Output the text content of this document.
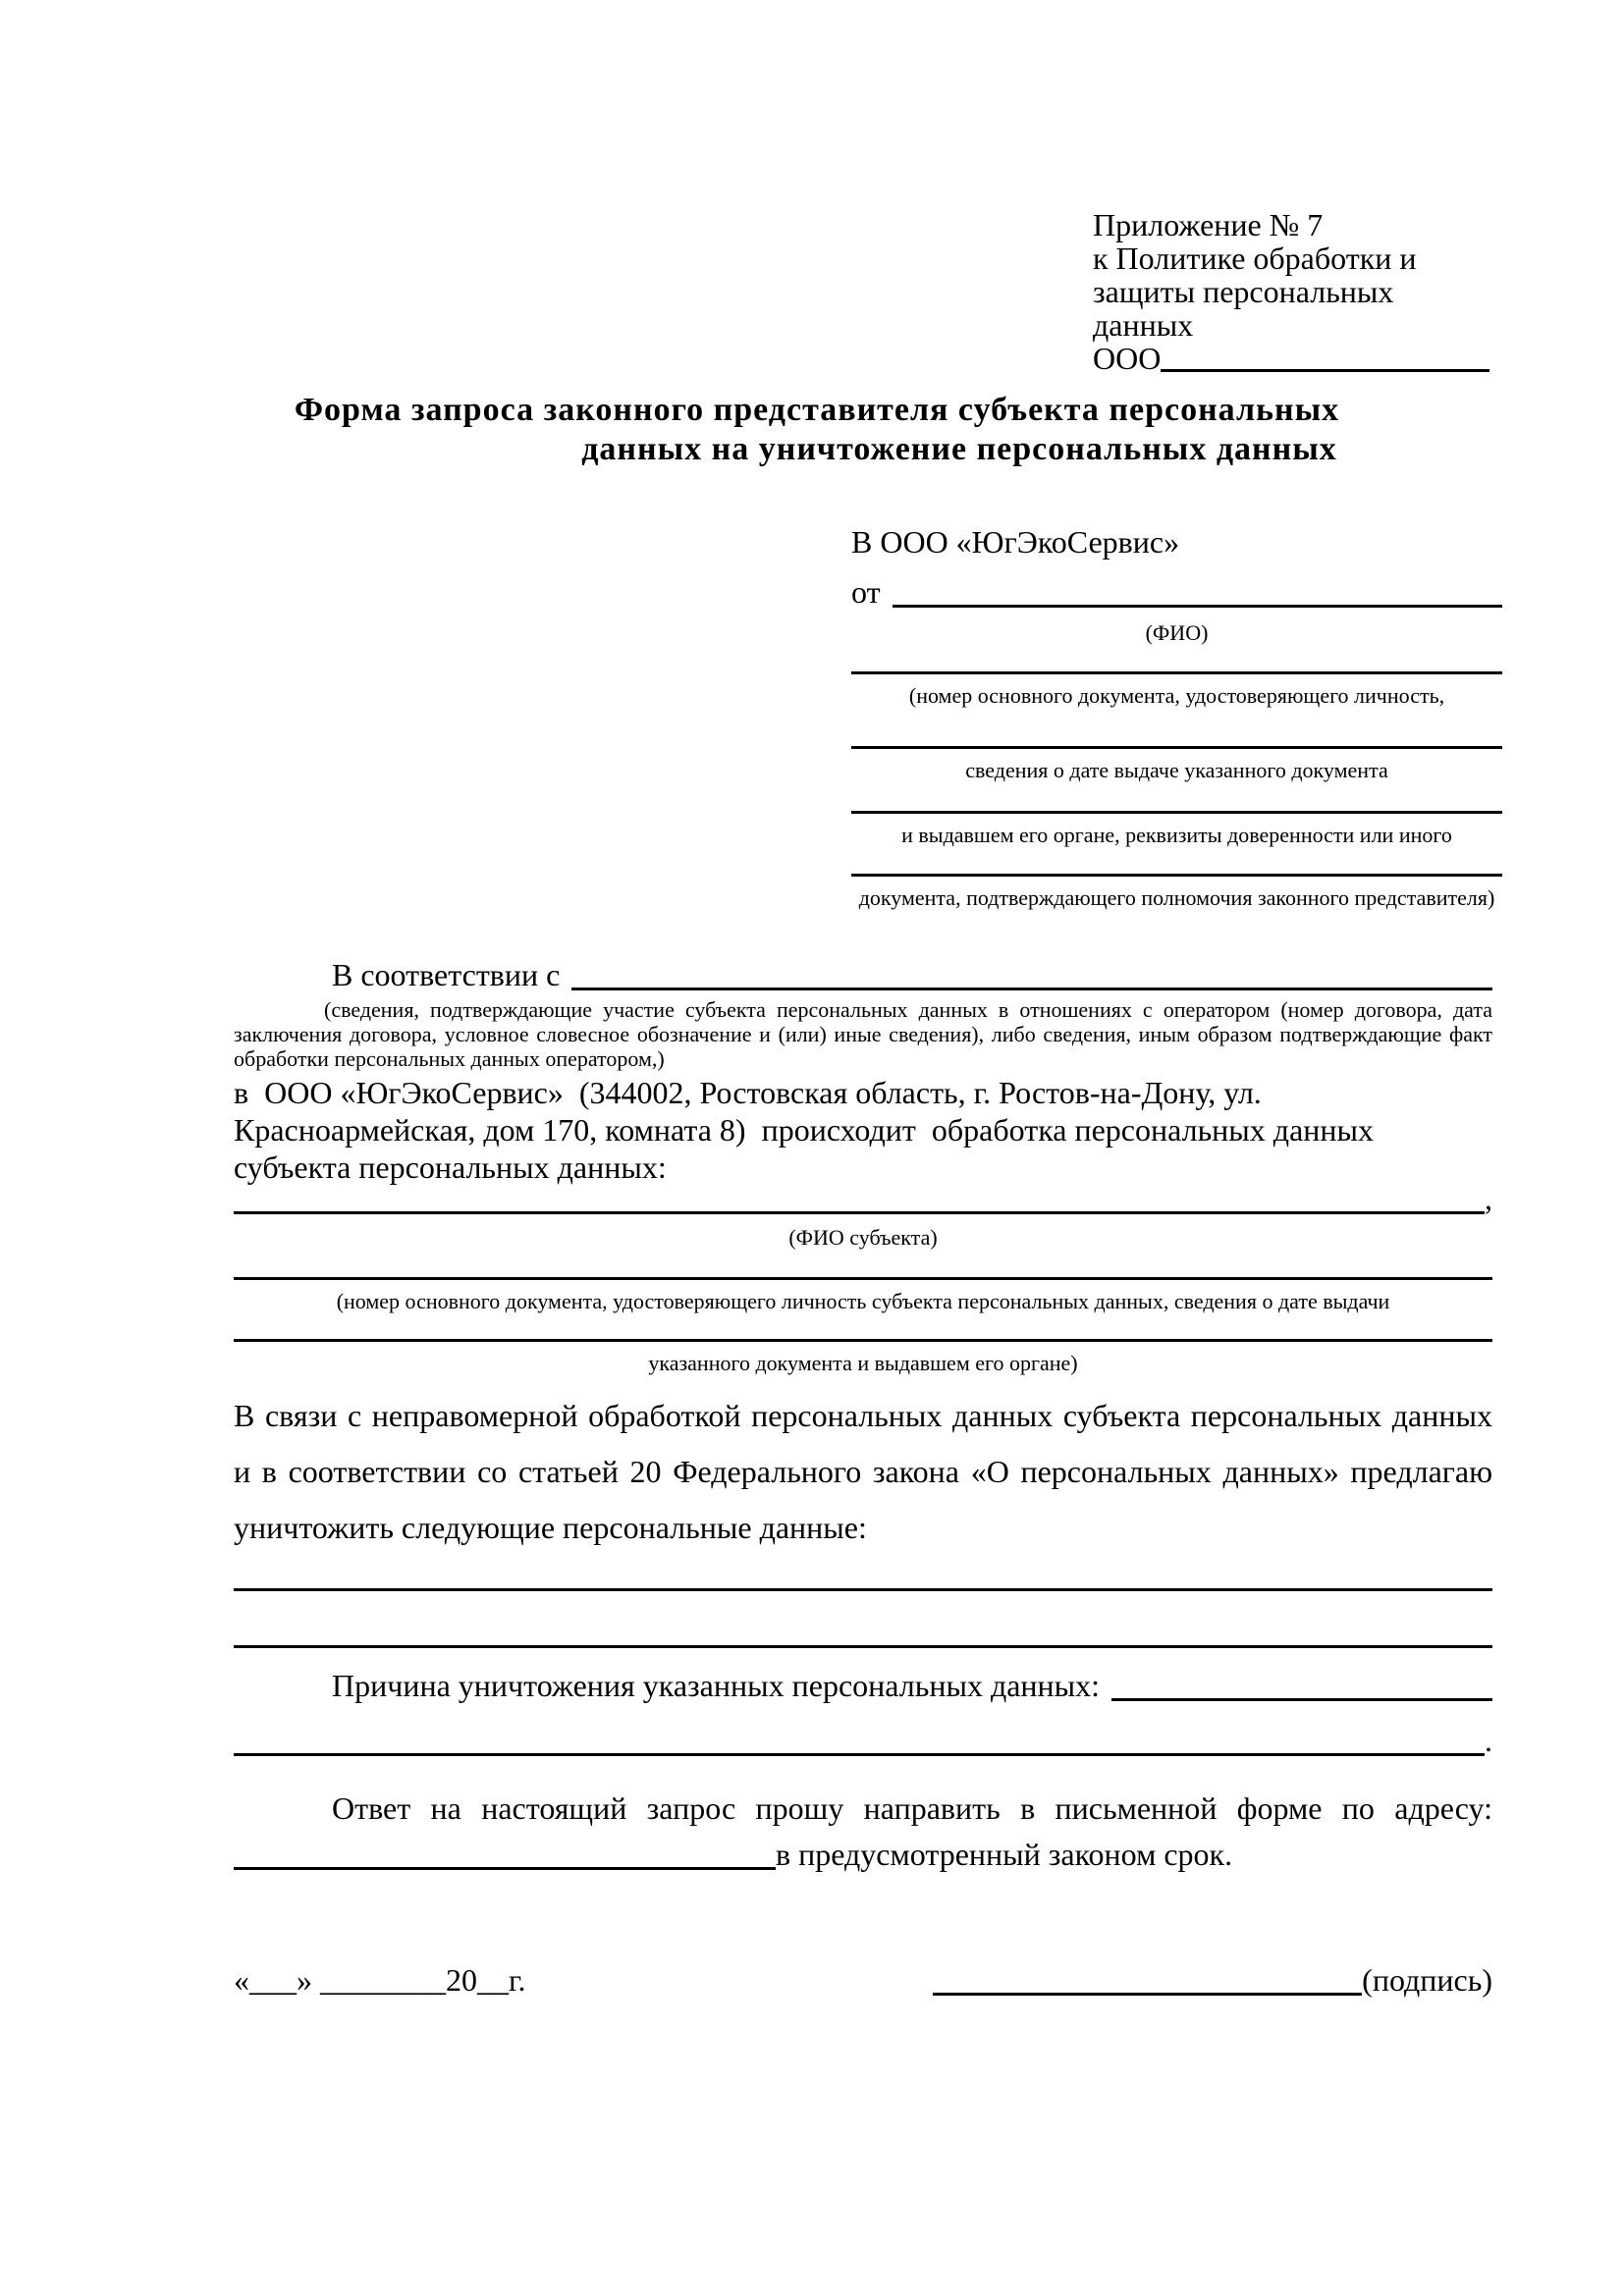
Приложение № 7
к Политике обработки и
защиты персональных данных
ООО
Форма запроса законного представителя субъекта персональных
данных на уничтожение персональных данных
В ООО «ЮгЭкоСервис»
от
(ФИО)
(номер основного документа, удостоверяющего личность,
сведения о дате выдаче указанного документа
и выдавшем его органе, реквизиты доверенности или иного
документа, подтверждающего полномочия законного представителя)
В соответствии с
(сведения, подтверждающие участие субъекта персональных данных в отношениях с оператором (номер договора, дата
заключения договора, условное словесное обозначение и (или) иные сведения), либо сведения, иным образом подтверждающие факт
обработки персональных данных оператором,)
в  ООО «ЮгЭкоСервис»  (344002, Ростовская область, г. Ростов-на-Дону, ул.
Красноармейская, дом 170, комната 8)  происходит  обработка персональных данных
субъекта персональных данных:
,
(ФИО субъекта)
(номер основного документа, удостоверяющего личность субъекта персональных данных, сведения о дате выдачи
указанного документа и выдавшем его органе)
В связи с неправомерной обработкой персональных данных субъекта персональных данных
и в соответствии со статьей 20 Федерального закона «О персональных данных» предлагаю
уничтожить следующие персональные данные:
Причина уничтожения указанных персональных данных:
.
Ответ на настоящий запрос прошу направить в письменной форме по адресу:
в предусмотренный законом срок.
«___» ________20__г.	(подпись)
